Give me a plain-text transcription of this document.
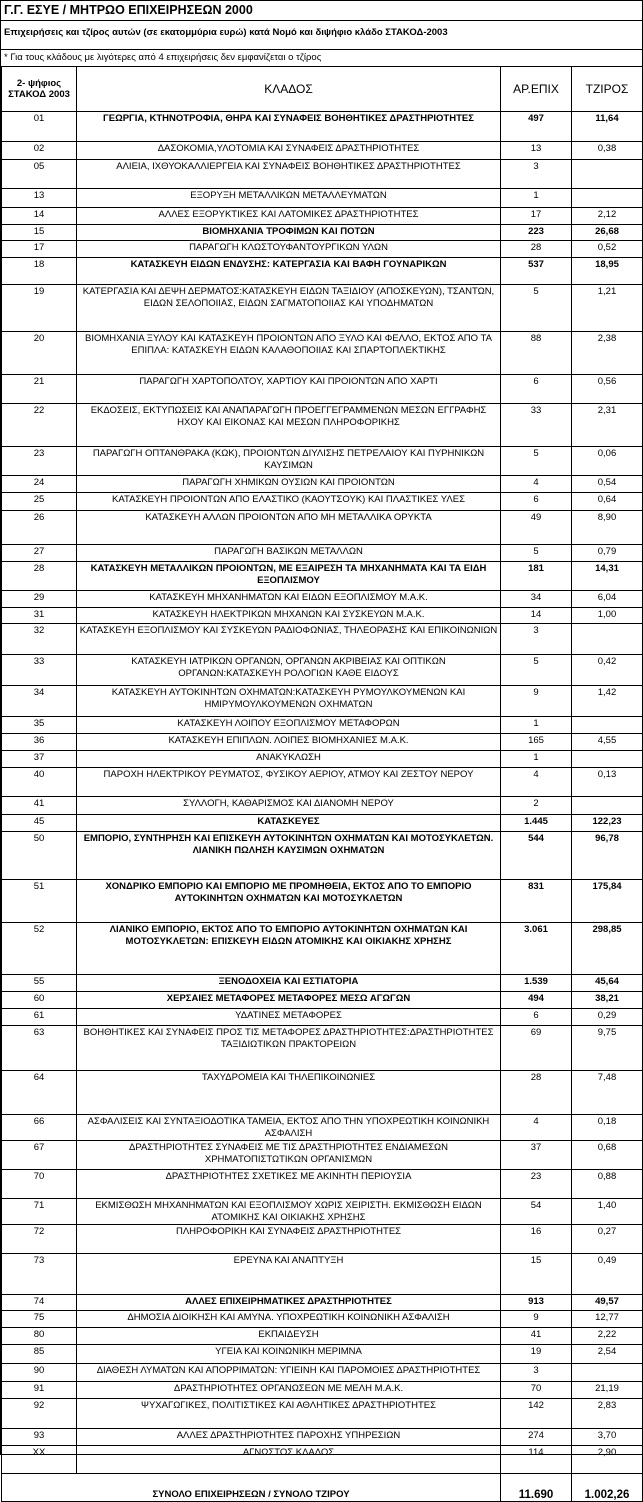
Γ.Γ. ΕΣΥΕ / ΜΗΤΡΩΟ ΕΠΙΧΕΙΡΗΣΕΩΝ 2000
Επιχειρήσεις και τζίρος αυτών (σε εκατομμύρια ευρώ) κατά Νομό και διψήφιο κλάδο ΣΤΑΚΟΔ-2003
* Για τους κλάδους με λιγότερες από 4 επιχειρήσεις δεν εμφανίζεται ο τζίρος
2- ψήφιος ΣΤΑΚΟΔ 2003	ΚΛΑΔΟΣ	ΑΡ.ΕΠΙΧ	ΤΖΙΡΟΣ
01	ΓΕΩΡΓΙΑ, ΚΤΗΝΟΤΡΟΦΙΑ, ΘΗΡΑ ΚΑΙ ΣΥΝΑΦΕΙΣ ΒΟΗΘΗΤΙΚΕΣ ΔΡΑΣΤΗΡΙΟΤΗΤΕΣ	497	11,64
02	ΔΑΣΟΚΟΜΙΑ,ΥΛΟΤΟΜΙΑ ΚΑΙ ΣΥΝΑΦΕΙΣ ΔΡΑΣΤΗΡΙΟΤΗΤΕΣ	13	0,38
05	ΑΛΙΕΙΑ, ΙΧΘΥΟΚΑΛΛΙΕΡΓΕΙΑ ΚΑΙ ΣΥΝΑΦΕΙΣ ΒΟΗΘΗΤΙΚΕΣ ΔΡΑΣΤΗΡΙΟΤΗΤΕΣ	3	
13	ΕΞΟΡΥΞΗ ΜΕΤΑΛΛΙΚΩΝ ΜΕΤΑΛΛΕΥΜΑΤΩΝ	1	
14	ΑΛΛΕΣ ΕΞΟΡΥΚΤΙΚΕΣ ΚΑΙ ΛΑΤΟΜΙΚΕΣ ΔΡΑΣΤΗΡΙΟΤΗΤΕΣ	17	2,12
15	ΒΙΟΜΗΧΑΝΙΑ ΤΡΟΦΙΜΩΝ ΚΑΙ ΠΟΤΩΝ	223	26,68
17	ΠΑΡΑΓΩΓΗ ΚΛΩΣΤΟΥΦΑΝΤΟΥΡΓΙΚΩΝ ΥΛΩΝ	28	0,52
18	ΚΑΤΑΣΚΕΥΗ ΕΙΔΩΝ ΕΝΔΥΣΗΣ: ΚΑΤΕΡΓΑΣΙΑ ΚΑΙ ΒΑΦΗ ΓΟΥΝΑΡΙΚΩΝ	537	18,95
19	ΚΑΤΕΡΓΑΣΙΑ ΚΑΙ ΔΕΨΗ ΔΕΡΜΑΤΟΣ:ΚΑΤΑΣΚΕΥΗ ΕΙΔΩΝ ΤΑΞΙΔΙΟΥ (ΑΠΟΣΚΕΥΩΝ), ΤΣΑΝΤΩΝ, ΕΙΔΩΝ ΣΕΛΟΠΟΙΙΑΣ, ΕΙΔΩΝ ΣΑΓΜΑΤΟΠΟΙΙΑΣ ΚΑΙ ΥΠΟΔΗΜΑΤΩΝ	5	1,21
20	ΒΙΟΜΗΧΑΝΙΑ ΞΥΛΟΥ ΚΑΙ ΚΑΤΑΣΚΕΥΗ ΠΡΟΙΟΝΤΩΝ ΑΠΟ ΞΥΛΟ ΚΑΙ ΦΕΛΛΟ, ΕΚΤΟΣ ΑΠΟ ΤΑ ΕΠΙΠΛΑ: ΚΑΤΑΣΚΕΥΗ ΕΙΔΩΝ ΚΑΛΑΘΟΠΟΙΙΑΣ ΚΑΙ ΣΠΑΡΤΟΠΛΕΚΤΙΚΗΣ	88	2,38
21	ΠΑΡΑΓΩΓΗ ΧΑΡΤΟΠΟΛΤΟΥ, ΧΑΡΤΙΟΥ ΚΑΙ ΠΡΟΙΟΝΤΩΝ ΑΠΟ ΧΑΡΤΙ	6	0,56
22	ΕΚΔΟΣΕΙΣ, ΕΚΤΥΠΩΣΕΙΣ ΚΑΙ ΑΝΑΠΑΡΑΓΩΓΗ ΠΡΟΕΓΓΕΓΡΑΜΜΕΝΩΝ ΜΕΣΩΝ ΕΓΓΡΑΦΗΣ ΗΧΟΥ ΚΑΙ ΕΙΚΟΝΑΣ ΚΑΙ ΜΕΣΩΝ ΠΛΗΡΟΦΟΡΙΚΗΣ	33	2,31
23	ΠΑΡΑΓΩΓΗ ΟΠΤΑΝΘΡΑΚΑ (ΚΩΚ), ΠΡΟΙΟΝΤΩΝ ΔΙΥΛΙΣΗΣ ΠΕΤΡΕΛΑΙΟΥ ΚΑΙ ΠΥΡΗΝΙΚΩΝ ΚΑΥΣΙΜΩΝ	5	0,06
24	ΠΑΡΑΓΩΓΗ ΧΗΜΙΚΩΝ ΟΥΣΙΩΝ ΚΑΙ ΠΡΟΙΟΝΤΩΝ	4	0,54
25	ΚΑΤΑΣΚΕΥΗ ΠΡΟΙΟΝΤΩΝ ΑΠΟ ΕΛΑΣΤΙΚΟ (ΚΑΟΥΤΣΟΥΚ) ΚΑΙ ΠΛΑΣΤΙΚΕΣ ΥΛΕΣ	6	0,64
26	ΚΑΤΑΣΚΕΥΗ ΑΛΛΩΝ ΠΡΟΙΟΝΤΩΝ ΑΠΟ ΜΗ ΜΕΤΑΛΛΙΚΑ ΟΡΥΚΤΑ	49	8,90
27	ΠΑΡΑΓΩΓΗ ΒΑΣΙΚΩΝ ΜΕΤΑΛΛΩΝ	5	0,79
28	ΚΑΤΑΣΚΕΥΗ ΜΕΤΑΛΛΙΚΩΝ ΠΡΟΙΟΝΤΩΝ, ΜΕ ΕΞΑΙΡΕΣΗ ΤΑ ΜΗΧΑΝΗΜΑΤΑ ΚΑΙ ΤΑ ΕΙΔΗ ΕΞΟΠΛΙΣΜΟΥ	181	14,31
29	ΚΑΤΑΣΚΕΥΗ ΜΗΧΑΝΗΜΑΤΩΝ ΚΑΙ ΕΙΔΩΝ ΕΞΟΠΛΙΣΜΟΥ Μ.Α.Κ.	34	6,04
31	ΚΑΤΑΣΚΕΥΗ ΗΛΕΚΤΡΙΚΩΝ ΜΗΧΑΝΩΝ ΚΑΙ ΣΥΣΚΕΥΩΝ Μ.Α.Κ.	14	1,00
32	ΚΑΤΑΣΚΕΥΗ ΕΞΟΠΛΙΣΜΟΥ ΚΑΙ ΣΥΣΚΕΥΩΝ ΡΑΔΙΟΦΩΝΙΑΣ, ΤΗΛΕΟΡΑΣΗΣ ΚΑΙ ΕΠΙΚΟΙΝΩΝΙΩΝ	3	
33	ΚΑΤΑΣΚΕΥΗ ΙΑΤΡΙΚΩΝ ΟΡΓΑΝΩΝ, ΟΡΓΑΝΩΝ ΑΚΡΙΒΕΙΑΣ ΚΑΙ ΟΠΤΙΚΩΝ ΟΡΓΑΝΩΝ:ΚΑΤΑΣΚΕΥΗ ΡΟΛΟΓΙΩΝ ΚΑΘΕ ΕΙΔΟΥΣ	5	0,42
34	ΚΑΤΑΣΚΕΥΗ ΑΥΤΟΚΙΝΗΤΩΝ ΟΧΗΜΑΤΩΝ:ΚΑΤΑΣΚΕΥΗ ΡΥΜΟΥΛΚΟΥΜΕΝΩΝ ΚΑΙ ΗΜΙΡΥΜΟΥΛΚΟΥΜΕΝΩΝ ΟΧΗΜΑΤΩΝ	9	1,42
35	ΚΑΤΑΣΚΕΥΗ ΛΟΙΠΟΥ ΕΞΟΠΛΙΣΜΟΥ ΜΕΤΑΦΟΡΩΝ	1	
36	ΚΑΤΑΣΚΕΥΗ ΕΠΙΠΛΩΝ. ΛΟΙΠΕΣ ΒΙΟΜΗΧΑΝΙΕΣ Μ.Α.Κ.	165	4,55
37	ΑΝΑΚΥΚΛΩΣΗ	1	
40	ΠΑΡΟΧΗ ΗΛΕΚΤΡΙΚΟΥ ΡΕΥΜΑΤΟΣ, ΦΥΣΙΚΟΥ ΑΕΡΙΟΥ, ΑΤΜΟΥ ΚΑΙ ΖΕΣΤΟΥ ΝΕΡΟΥ	4	0,13
41	ΣΥΛΛΟΓΗ, ΚΑΘΑΡΙΣΜΟΣ ΚΑΙ ΔΙΑΝΟΜΗ ΝΕΡΟΥ	2	
45	ΚΑΤΑΣΚΕΥΕΣ	1.445	122,23
50	ΕΜΠΟΡΙΟ, ΣΥΝΤΗΡΗΣΗ ΚΑΙ ΕΠΙΣΚΕΥΗ ΑΥΤΟΚΙΝΗΤΩΝ ΟΧΗΜΑΤΩΝ ΚΑΙ ΜΟΤΟΣΥΚΛΕΤΩΝ. ΛΙΑΝΙΚΗ ΠΩΛΗΣΗ ΚΑΥΣΙΜΩΝ ΟΧΗΜΑΤΩΝ	544	96,78
51	ΧΟΝΔΡΙΚΟ ΕΜΠΟΡΙΟ ΚΑΙ ΕΜΠΟΡΙΟ ΜΕ ΠΡΟΜΗΘΕΙΑ, ΕΚΤΟΣ ΑΠΟ ΤΟ ΕΜΠΟΡΙΟ ΑΥΤΟΚΙΝΗΤΩΝ ΟΧΗΜΑΤΩΝ ΚΑΙ ΜΟΤΟΣΥΚΛΕΤΩΝ	831	175,84
52	ΛΙΑΝΙΚΟ ΕΜΠΟΡΙΟ, ΕΚΤΟΣ ΑΠΟ ΤΟ ΕΜΠΟΡΙΟ ΑΥΤΟΚΙΝΗΤΩΝ ΟΧΗΜΑΤΩΝ ΚΑΙ ΜΟΤΟΣΥΚΛΕΤΩΝ: ΕΠΙΣΚΕΥΗ ΕΙΔΩΝ ΑΤΟΜΙΚΗΣ ΚΑΙ ΟΙΚΙΑΚΗΣ ΧΡΗΣΗΣ	3.061	298,85
55	ΞΕΝΟΔΟΧΕΙΑ ΚΑΙ ΕΣΤΙΑΤΟΡΙΑ	1.539	45,64
60	ΧΕΡΣΑΙΕΣ ΜΕΤΑΦΟΡΕΣ ΜΕΤΑΦΟΡΕΣ ΜΕΣΩ ΑΓΩΓΩΝ	494	38,21
61	ΥΔΑΤΙΝΕΣ ΜΕΤΑΦΟΡΕΣ	6	0,29
63	ΒΟΗΘΗΤΙΚΕΣ ΚΑΙ ΣΥΝΑΦΕΙΣ ΠΡΟΣ ΤΙΣ ΜΕΤΑΦΟΡΕΣ ΔΡΑΣΤΗΡΙΟΤΗΤΕΣ:ΔΡΑΣΤΗΡΙΟΤΗΤΕΣ ΤΑΞΙΔΙΩΤΙΚΩΝ ΠΡΑΚΤΟΡΕΙΩΝ	69	9,75
64	ΤΑΧΥΔΡΟΜΕΙΑ ΚΑΙ ΤΗΛΕΠΙΚΟΙΝΩΝΙΕΣ	28	7,48
66	ΑΣΦΑΛΙΣΕΙΣ ΚΑΙ ΣΥΝΤΑΞΙΟΔΟΤΙΚΑ ΤΑΜΕΙΑ, ΕΚΤΟΣ ΑΠΟ ΤΗΝ ΥΠΟΧΡΕΩΤΙΚΗ ΚΟΙΝΩΝΙΚΗ ΑΣΦΑΛΙΣΗ	4	0,18
67	ΔΡΑΣΤΗΡΙΟΤΗΤΕΣ ΣΥΝΑΦΕΙΣ ΜΕ ΤΙΣ ΔΡΑΣΤΗΡΙΟΤΗΤΕΣ ΕΝΔΙΑΜΕΣΩΝ ΧΡΗΜΑΤΟΠΙΣΤΩΤΙΚΩΝ ΟΡΓΑΝΙΣΜΩΝ	37	0,68
70	ΔΡΑΣΤΗΡΙΟΤΗΤΕΣ ΣΧΕΤΙΚΕΣ ΜΕ ΑΚΙΝΗΤΗ ΠΕΡΙΟΥΣΙΑ	23	0,88
71	ΕΚΜΙΣΘΩΣΗ ΜΗΧΑΝΗΜΑΤΩΝ ΚΑΙ ΕΞΟΠΛΙΣΜΟΥ ΧΩΡΙΣ ΧΕΙΡΙΣΤΗ. ΕΚΜΙΣΘΩΣΗ ΕΙΔΩΝ ΑΤΟΜΙΚΗΣ ΚΑΙ ΟΙΚΙΑΚΗΣ ΧΡΗΣΗΣ	54	1,40
72	ΠΛΗΡΟΦΟΡΙΚΗ ΚΑΙ ΣΥΝΑΦΕΙΣ ΔΡΑΣΤΗΡΙΟΤΗΤΕΣ	16	0,27
73	ΕΡΕΥΝΑ ΚΑΙ ΑΝΑΠΤΥΞΗ	15	0,49
74	ΑΛΛΕΣ ΕΠΙΧΕΙΡΗΜΑΤΙΚΕΣ ΔΡΑΣΤΗΡΙΟΤΗΤΕΣ	913	49,57
75	ΔΗΜΟΣΙΑ ΔΙΟΙΚΗΣΗ ΚΑΙ ΑΜΥΝΑ. ΥΠΟΧΡΕΩΤΙΚΗ ΚΟΙΝΩΝΙΚΗ ΑΣΦΑΛΙΣΗ	9	12,77
80	ΕΚΠΑΙΔΕΥΣΗ	41	2,22
85	ΥΓΕΙΑ ΚΑΙ ΚΟΙΝΩΝΙΚΗ ΜΕΡΙΜΝΑ	19	2,54
90	ΔΙΑΘΕΣΗ ΛΥΜΑΤΩΝ ΚΑΙ ΑΠΟΡΡΙΜΑΤΩΝ: ΥΓΙΕΙΝΗ ΚΑΙ ΠΑΡΟΜΟΙΕΣ ΔΡΑΣΤΗΡΙΟΤΗΤΕΣ	3	
91	ΔΡΑΣΤΗΡΙΟΤΗΤΕΣ ΟΡΓΑΝΩΣΕΩΝ ΜΕ ΜΕΛΗ Μ.Α.Κ.	70	21,19
92	ΨΥΧΑΓΩΓΙΚΕΣ, ΠΟΛΙΤΙΣΤΙΚΕΣ ΚΑΙ ΑΘΛΗΤΙΚΕΣ ΔΡΑΣΤΗΡΙΟΤΗΤΕΣ	142	2,83
93	ΑΛΛΕΣ ΔΡΑΣΤΗΡΙΟΤΗΤΕΣ ΠΑΡΟΧΗΣ ΥΠΗΡΕΣΙΩΝ	274	3,70
XX	ΑΓΝΩΣΤΟΣ ΚΛΑΔΟΣ	114	2,90
ΣΥΝΟΛΟ ΕΠΙΧΕΙΡΗΣΕΩΝ / ΣΥΝΟΛΟ ΤΖΙΡΟΥ		11.690	1.002,26
